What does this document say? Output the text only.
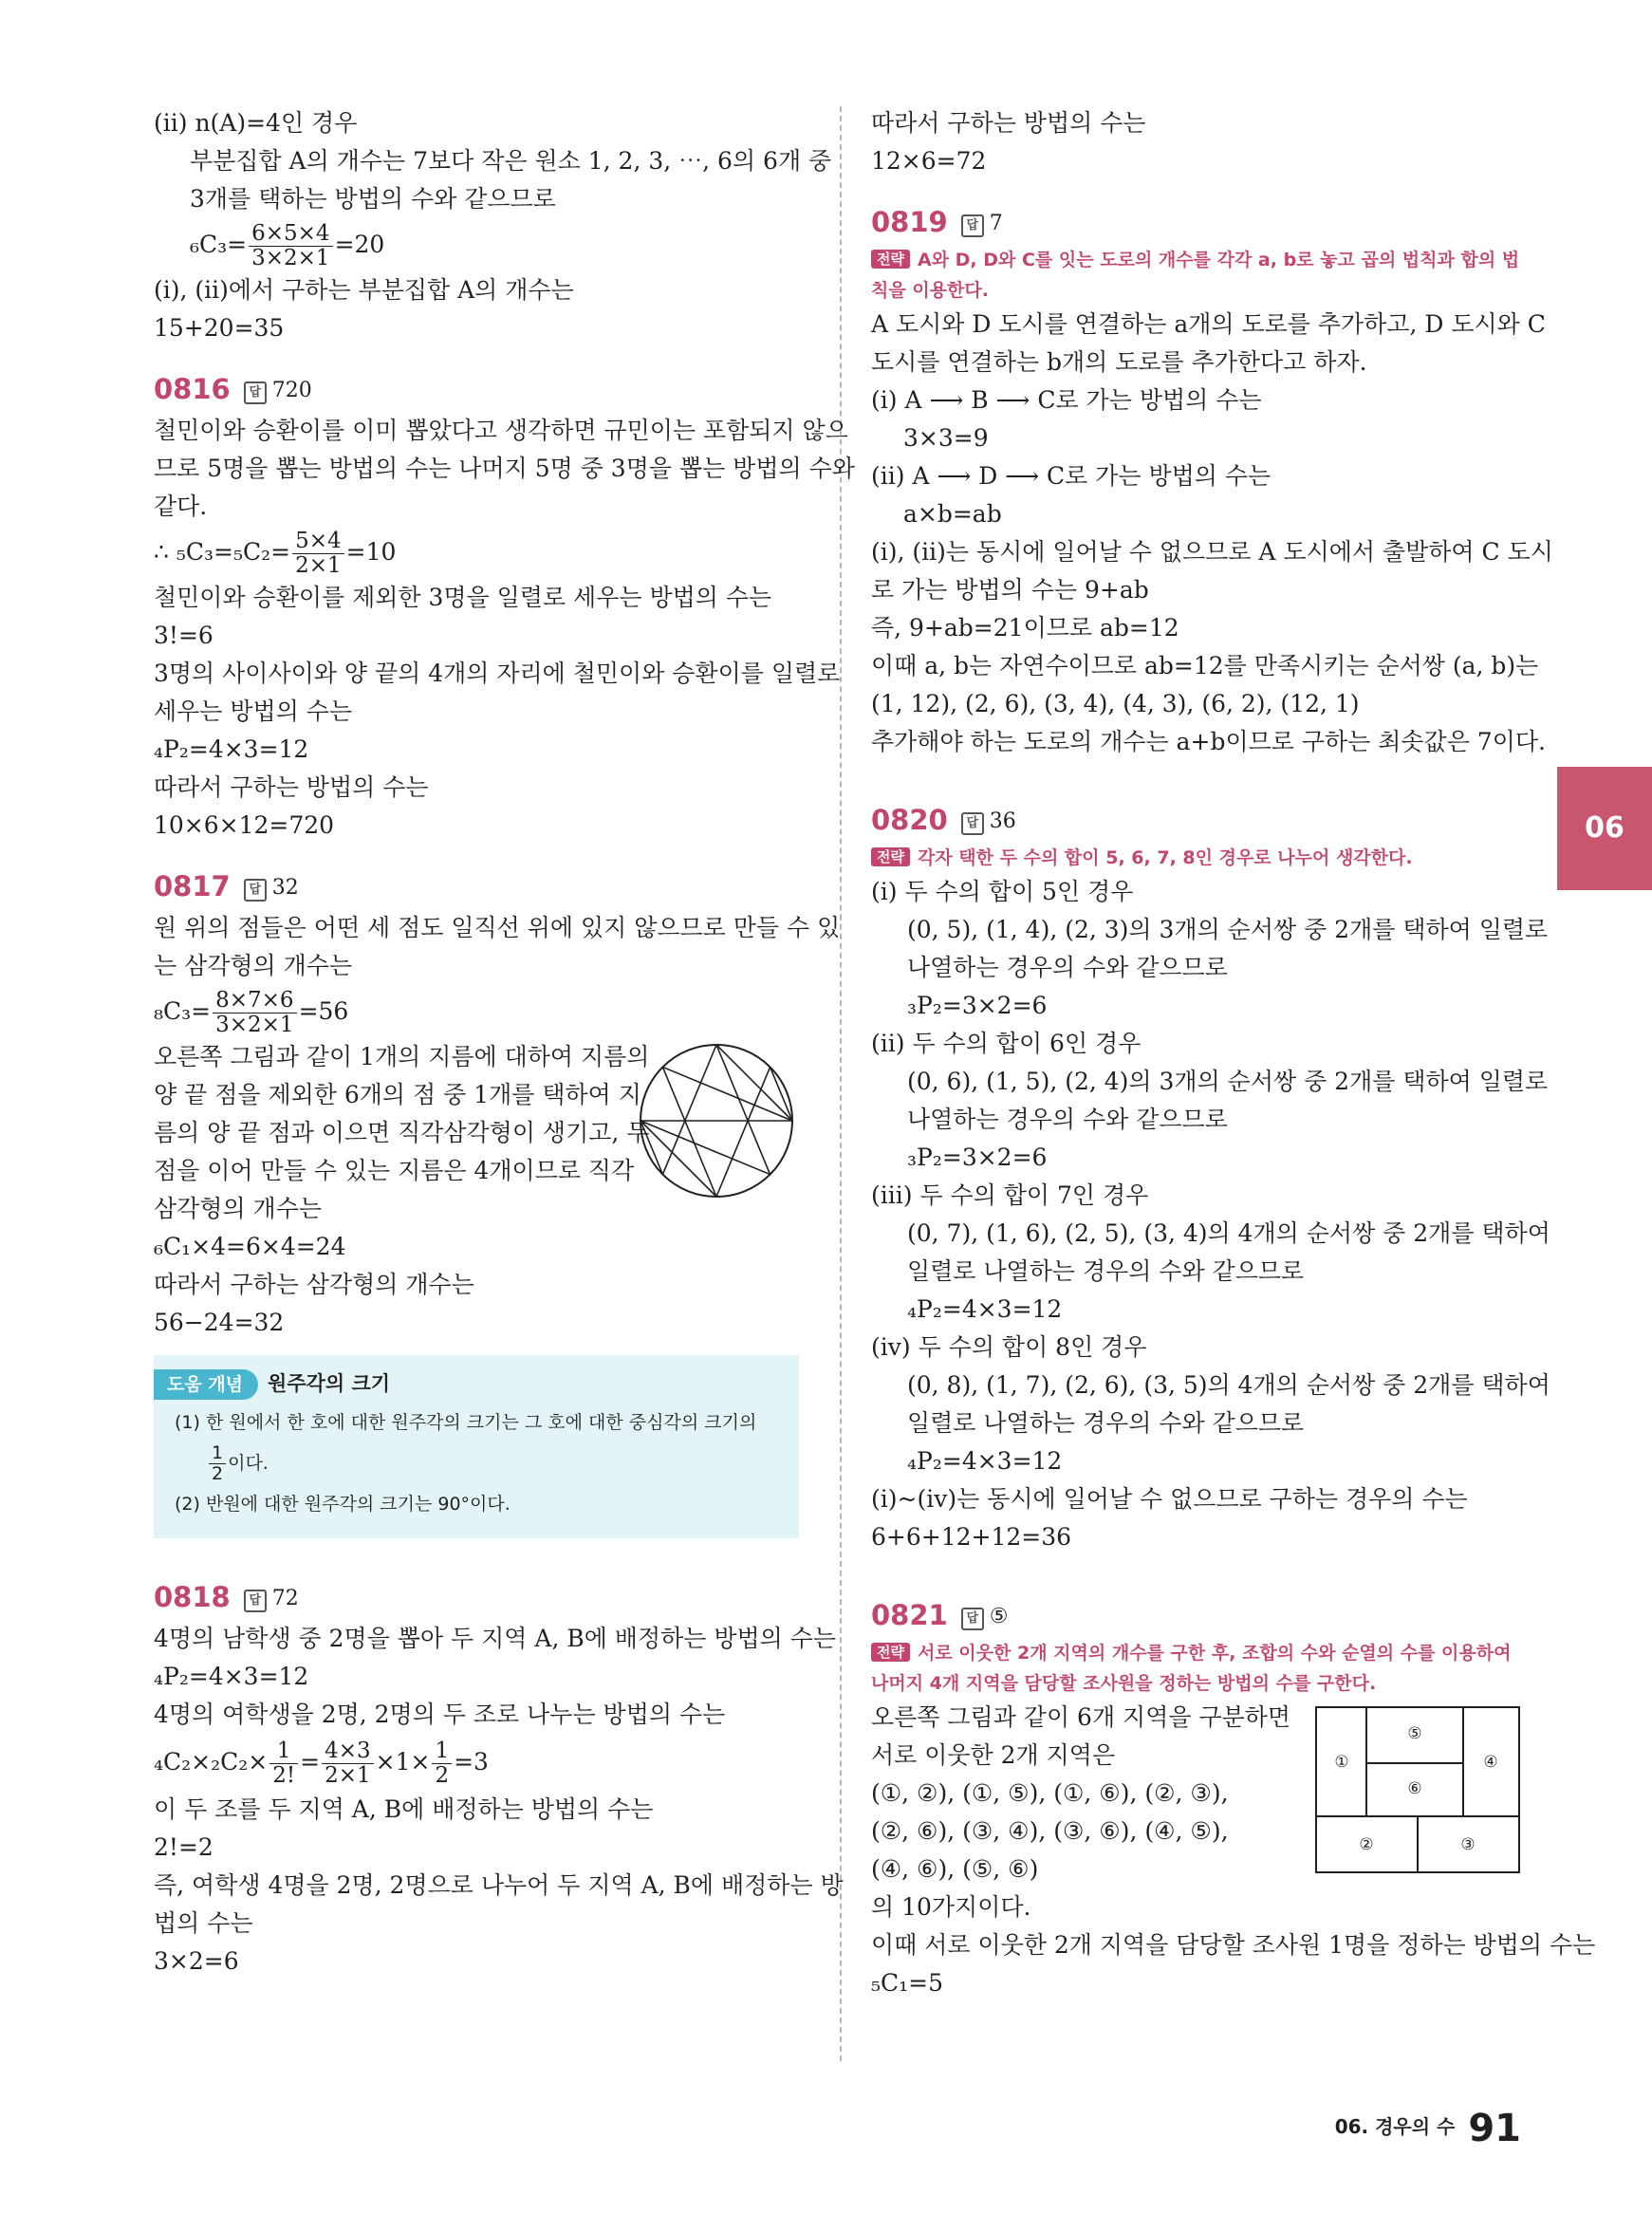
(ⅱ) n(A)=4인 경우
부분집합 A의 개수는 7보다 작은 원소 1, 2, 3, ⋯, 6의 6개 중
3개를 택하는 방법의 수와 같으므로
$_6C_3= \frac{6\times 5\times 4}{3\times 2\times 1} =20$
(ⅰ), (ⅱ)에서 구하는 부분집합 A의 개수는
15+20=35
0816 답 720
철민이와 승환이를 이미 뽑았다고 생각하면 규민이는 포함되지 않으
므로 5명을 뽑는 방법의 수는 나머지 5명 중 3명을 뽑는 방법의 수와
같다.
∴ $_5C_3=_5C_2= \frac{5\times 4}{2\times 1} =10$
철민이와 승환이를 제외한 3명을 일렬로 세우는 방법의 수는
3!=6
3명의 사이사이와 양 끝의 4개의 자리에 철민이와 승환이를 일렬로
세우는 방법의 수는
₄P₂=4×3=12
따라서 구하는 방법의 수는
10×6×12=720
0817 답 32
원 위의 점들은 어떤 세 점도 일직선 위에 있지 않으므로 만들 수 있
는 삼각형의 개수는
$_8C_3= \frac{8\times 7\times 6}{3\times 2\times 1} =56$
오른쪽 그림과 같이 1개의 지름에 대하여 지름의
양 끝 점을 제외한 6개의 점 중 1개를 택하여 지
름의 양 끝 점과 이으면 직각삼각형이 생기고, 두
점을 이어 만들 수 있는 지름은 4개이므로 직각
삼각형의 개수는
₆C₁×4=6×4=24
따라서 구하는 삼각형의 개수는
56−24=32
도움 개념 원주각의 크기
(1) 한 원에서 한 호에 대한 원주각의 크기는 그 호에 대한 중심각의 크기의
$\frac{1}{2}$ 이다.
(2) 반원에 대한 원주각의 크기는 90°이다.
0818 답 72
4명의 남학생 중 2명을 뽑아 두 지역 A, B에 배정하는 방법의 수는
₄P₂=4×3=12
4명의 여학생을 2명, 2명의 두 조로 나누는 방법의 수는
$_4C_2\times_2C_2\times \frac{1}{2!} = \frac{4\times 3}{2\times 1} \times 1\times \frac{1}{2} =3$
이 두 조를 두 지역 A, B에 배정하는 방법의 수는
2!=2
즉, 여학생 4명을 2명, 2명으로 나누어 두 지역 A, B에 배정하는 방
법의 수는
3×2=6
따라서 구하는 방법의 수는
12×6=72
0819 답 7
전략 A와 D, D와 C를 잇는 도로의 개수를 각각 a, b로 놓고 곱의 법칙과 합의 법
칙을 이용한다.
A 도시와 D 도시를 연결하는 a개의 도로를 추가하고, D 도시와 C
도시를 연결하는 b개의 도로를 추가한다고 하자.
(ⅰ) A ⟶ B ⟶ C로 가는 방법의 수는
3×3=9
(ⅱ) A ⟶ D ⟶ C로 가는 방법의 수는
a×b=ab
(ⅰ), (ⅱ)는 동시에 일어날 수 없으므로 A 도시에서 출발하여 C 도시
로 가는 방법의 수는 9+ab
즉, 9+ab=21이므로 ab=12
이때 a, b는 자연수이므로 ab=12를 만족시키는 순서쌍 (a, b)는
(1, 12), (2, 6), (3, 4), (4, 3), (6, 2), (12, 1)
추가해야 하는 도로의 개수는 a+b이므로 구하는 최솟값은 7이다.
0820 답 36
전략 각자 택한 두 수의 합이 5, 6, 7, 8인 경우로 나누어 생각한다.
(ⅰ) 두 수의 합이 5인 경우
(0, 5), (1, 4), (2, 3)의 3개의 순서쌍 중 2개를 택하여 일렬로
나열하는 경우의 수와 같으므로
₃P₂=3×2=6
(ⅱ) 두 수의 합이 6인 경우
(0, 6), (1, 5), (2, 4)의 3개의 순서쌍 중 2개를 택하여 일렬로
나열하는 경우의 수와 같으므로
₃P₂=3×2=6
(ⅲ) 두 수의 합이 7인 경우
(0, 7), (1, 6), (2, 5), (3, 4)의 4개의 순서쌍 중 2개를 택하여
일렬로 나열하는 경우의 수와 같으므로
₄P₂=4×3=12
(ⅳ) 두 수의 합이 8인 경우
(0, 8), (1, 7), (2, 6), (3, 5)의 4개의 순서쌍 중 2개를 택하여
일렬로 나열하는 경우의 수와 같으므로
₄P₂=4×3=12
(ⅰ)~(ⅳ)는 동시에 일어날 수 없으므로 구하는 경우의 수는
6+6+12+12=36
0821 답 ⑤
전략 서로 이웃한 2개 지역의 개수를 구한 후, 조합의 수와 순열의 수를 이용하여
나머지 4개 지역을 담당할 조사원을 정하는 방법의 수를 구한다.
①
②	③
④
⑤
⑥
오른쪽 그림과 같이 6개 지역을 구분하면
서로 이웃한 2개 지역은
(①, ②), (①, ⑤), (①, ⑥), (②, ③),
(②, ⑥), (③, ④), (③, ⑥), (④, ⑤),
(④, ⑥), (⑤, ⑥)
의 10가지이다.
이때 서로 이웃한 2개 지역을 담당할 조사원 1명을 정하는 방법의 수는
₅C₁=5
06
06. 경우의 수 91
